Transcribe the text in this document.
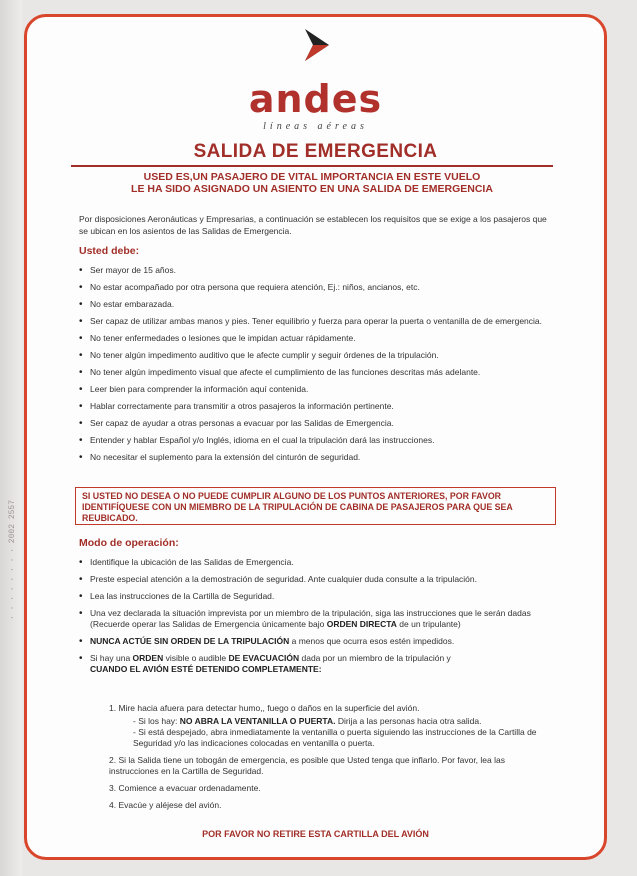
· · · · · · · · 2002 2557
andes
líneas aéreas
SALIDA DE EMERGENCIA
USED ES,UN PASAJERO DE VITAL IMPORTANCIA EN ESTE VUELO
LE HA SIDO ASIGNADO UN ASIENTO EN UNA SALIDA DE EMERGENCIA
Por disposiciones Aeronáuticas y Empresarias, a continuación se establecen los requisitos que se exige a los pasajeros que se ubican en los asientos de las Salidas de Emergencia.
Usted debe:
• Ser mayor de 15 años.
• No estar acompañado por otra persona que requiera atención, Ej.: niños, ancianos, etc.
• No estar embarazada.
• Ser capaz de utilizar ambas manos y pies. Tener equilibrio y fuerza para operar la puerta o ventanilla de de emergencia.
• No tener enfermedades o lesiones que le impidan actuar rápidamente.
• No tener algún impedimento auditivo que le afecte cumplir y seguir órdenes de la tripulación.
• No tener algún impedimento visual que afecte el cumplimiento de las funciones descritas más adelante.
• Leer bien para comprender la información aquí contenida.
• Hablar correctamente para transmitir a otros pasajeros la información pertinente.
• Ser capaz de ayudar a otras personas a evacuar por las Salidas de Emergencia.
• Entender y hablar Español y/o Inglés, idioma en el cual la tripulación dará las instrucciones.
• No necesitar el suplemento para la extensión del cinturón de seguridad.
SI USTED NO DESEA O NO PUEDE CUMPLIR ALGUNO DE LOS PUNTOS ANTERIORES, POR FAVOR IDENTIFÍQUESE CON UN MIEMBRO DE LA TRIPULACIÓN DE CABINA DE PASAJEROS PARA QUE SEA REUBICADO.
Modo de operación:
• Identifique la ubicación de las Salidas de Emergencia.
• Preste especial atención a la demostración de seguridad. Ante cualquier duda consulte a la tripulación.
• Lea las instrucciones de la Cartilla de Seguridad.
• Una vez declarada la situación imprevista por un miembro de la tripulación, siga las instrucciones que le serán dadas (Recuerde operar las Salidas de Emergencia únicamente bajo ORDEN DIRECTA de un tripulante)
• NUNCA ACTÚE SIN ORDEN DE LA TRIPULACIÓN a menos que ocurra esos estén impedidos.
• Si hay una ORDEN visible o audible DE EVACUACIÓN dada por un miembro de la tripulación y
CUANDO EL AVIÓN ESTÉ DETENIDO COMPLETAMENTE:
1. Mire hacia afuera para detectar humo,, fuego o daños en la superficie del avión.
- Si los hay: NO ABRA LA VENTANILLA O PUERTA. Dirija a las personas hacia otra salida.
- Si está despejado, abra inmediatamente la ventanilla o puerta siguiendo las instrucciones de la Cartilla de Seguridad y/o las indicaciones colocadas en ventanilla o puerta.
2. Si la Salida tiene un tobogán de emergencia, es posible que Usted tenga que inflarlo. Por favor, lea las instrucciones en la Cartilla de Seguridad.
3. Comience a evacuar ordenadamente.
4. Evacúe y aléjese del avión.
POR FAVOR NO RETIRE ESTA CARTILLA DEL AVIÓN
